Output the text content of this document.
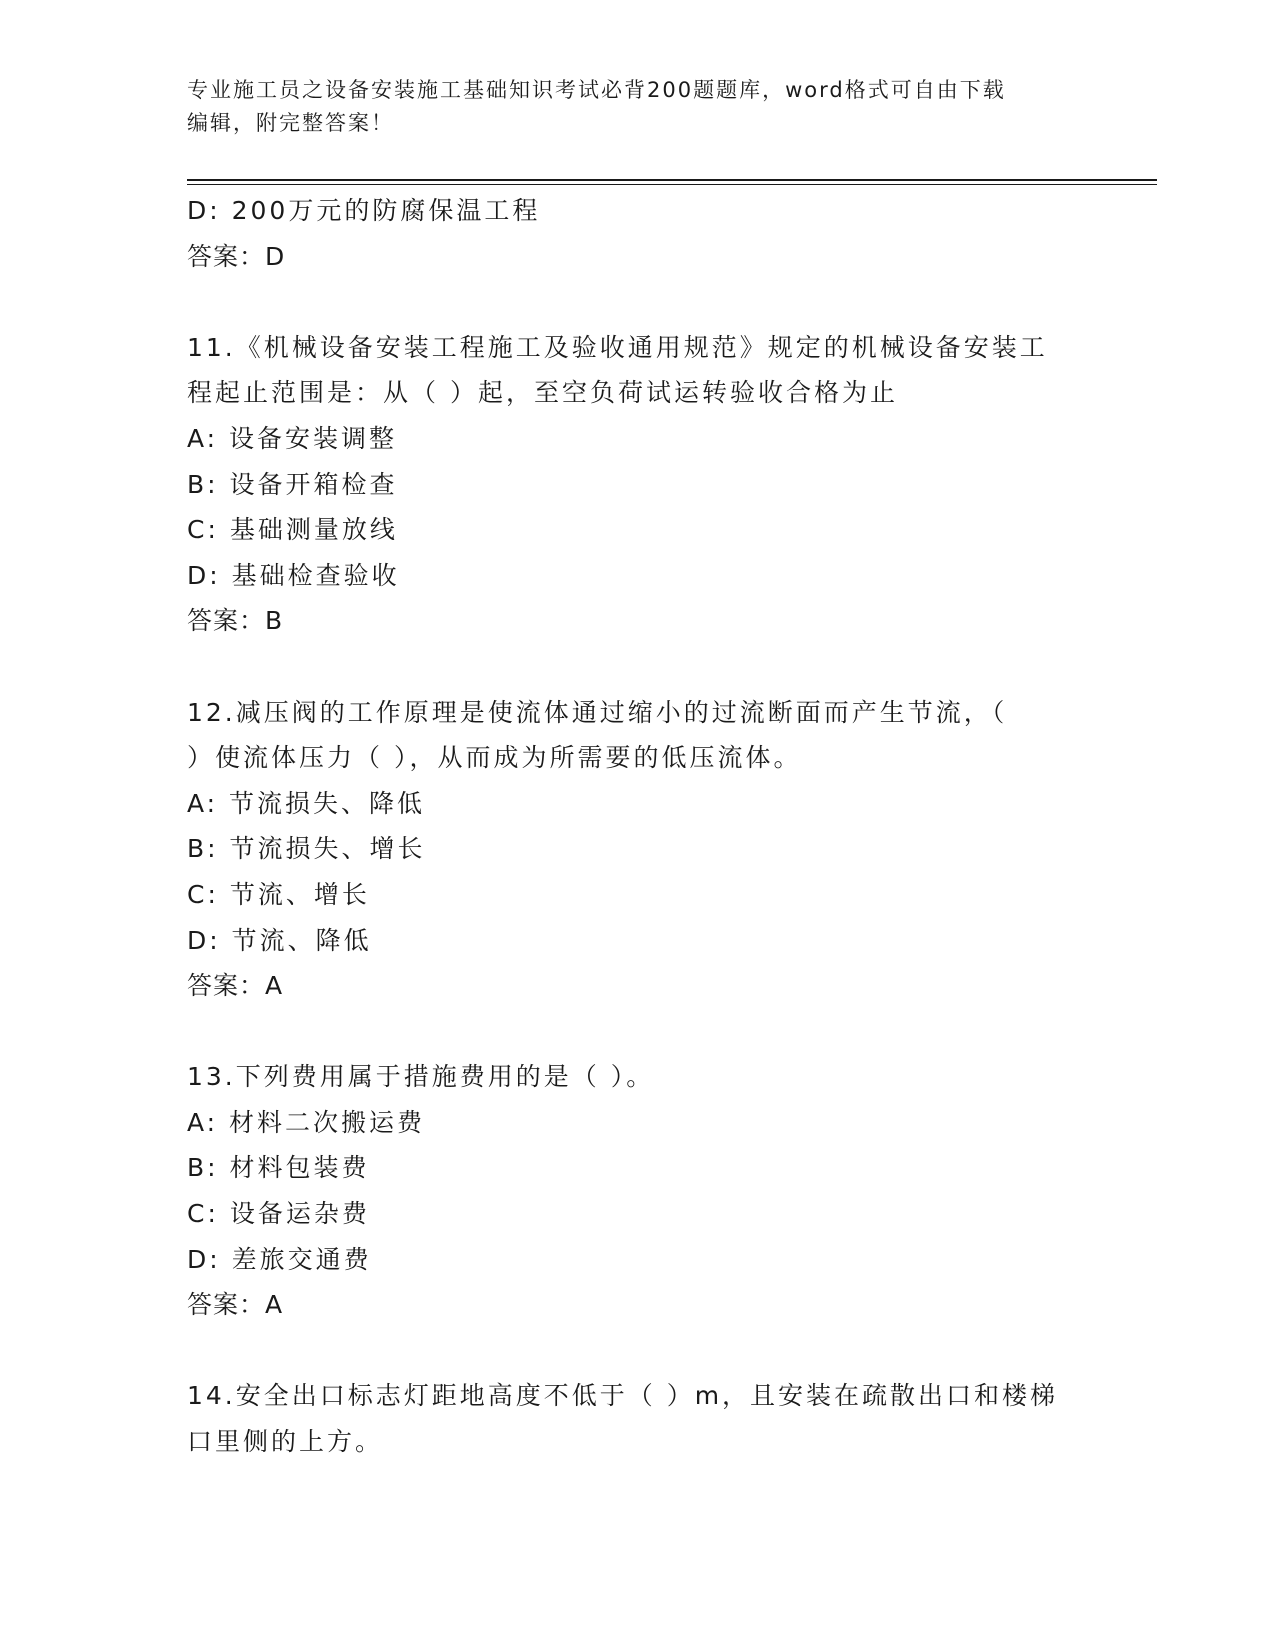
专业施工员之设备安装施工基础知识考试必背200题题库，word格式可自由下载
编辑，附完整答案！
D: 200万元的防腐保温工程
答案：D
11.《机械设备安装工程施工及验收通用规范》规定的机械设备安装工
程起止范围是：从（ ）起，至空负荷试运转验收合格为止
A: 设备安装调整
B: 设备开箱检查
C: 基础测量放线
D: 基础检查验收
答案：B
12.减压阀的工作原理是使流体通过缩小的过流断面而产生节流，（
）使流体压力（ ），从而成为所需要的低压流体。
A: 节流损失、降低
B: 节流损失、增长
C: 节流、增长
D: 节流、降低
答案：A
13.下列费用属于措施费用的是（ ）。
A: 材料二次搬运费
B: 材料包装费
C: 设备运杂费
D: 差旅交通费
答案：A
14.安全出口标志灯距地高度不低于（ ）m，且安装在疏散出口和楼梯
口里侧的上方。
